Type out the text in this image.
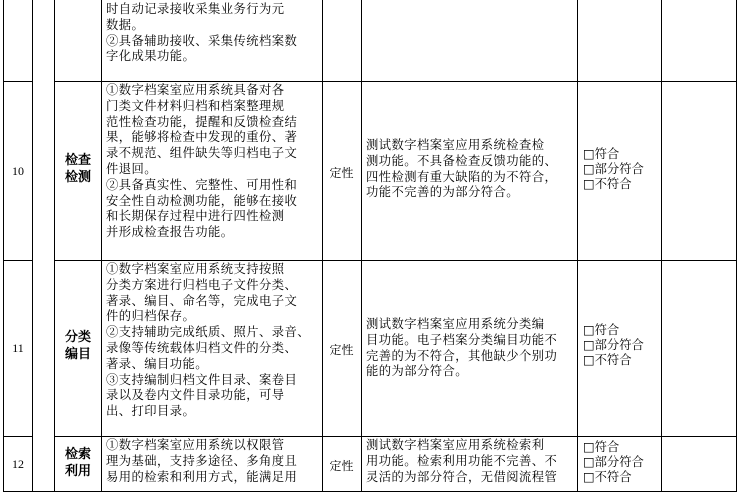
时自动记录接收采集业务行为元
数据。
②具备辅助接收、采集传统档案数
字化成果功能。
10
检查
检测
①数字档案室应用系统具备对各
门类文件材料归档和档案整理规
范性检查功能，提醒和反馈检查结
果，能够将检查中发现的重份、著
录不规范、组件缺失等归档电子文
件退回。
②具备真实性、完整性、可用性和
安全性自动检测功能，能够在接收
和长期保存过程中进行四性检测
并形成检查报告功能。
定性
测试数字档案室应用系统检查检
测功能。不具备检查反馈功能的、
四性检测有重大缺陷的为不符合，
功能不完善的为部分符合。
□符合
□部分符合
□不符合
11
分类
编目
①数字档案室应用系统支持按照
分类方案进行归档电子文件分类、
著录、编目、命名等，完成电子文
件的归档保存。
②支持辅助完成纸质、照片、录音、
录像等传统载体归档文件的分类、
著录、编目功能。
③支持编制归档文件目录、案卷目
录以及卷内文件目录功能，可导
出、打印目录。
定性
测试数字档案室应用系统分类编
目功能。电子档案分类编目功能不
完善的为不符合，其他缺少个别功
能的为部分符合。
□符合
□部分符合
□不符合
12
检索
利用
①数字档案室应用系统以权限管
理为基础，支持多途径、多角度且
易用的检索和利用方式，能满足用
定性
测试数字档案室应用系统检索利
用功能。检索利用功能不完善、不
灵活的为部分符合，无借阅流程管
□符合
□部分符合
□不符合
